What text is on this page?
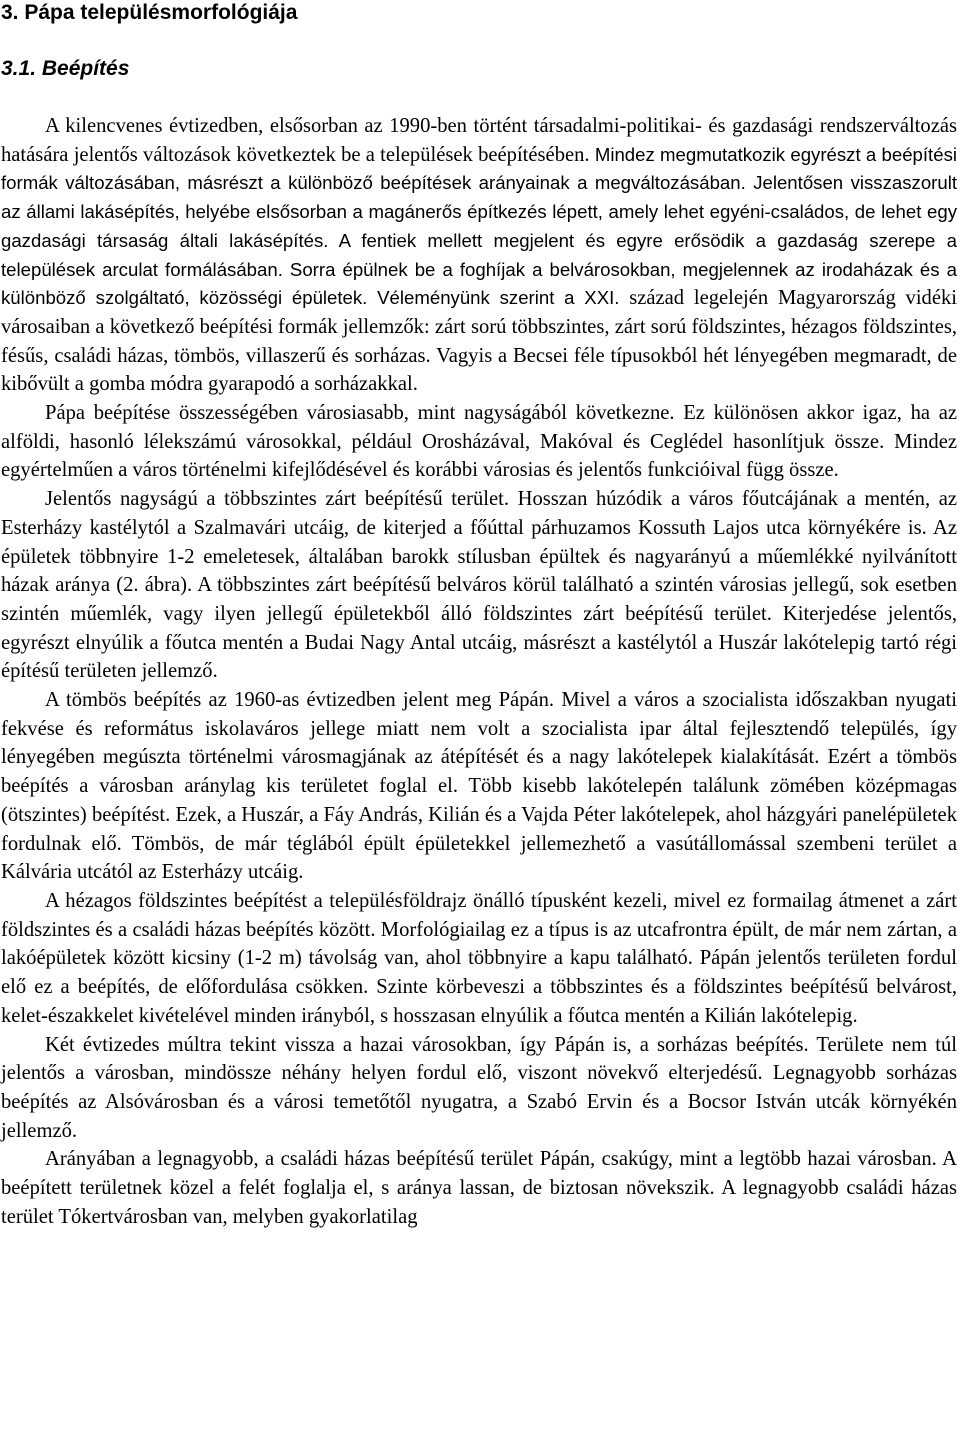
3. Pápa településmorfológiája
3.1. Beépítés

A kilencvenes évtizedben, elsősorban az 1990-ben történt társadalmi-politikai- és gazdasági rendszerváltozás hatására jelentős változások következtek be a települések beépítésében. Mindez megmutatkozik egyrészt a beépítési formák változásában, másrészt a különböző beépítések arányainak a megváltozásában. Jelentősen visszaszorult az állami lakásépítés, helyébe elsősorban a magánerős építkezés lépett, amely lehet egyéni-családos, de lehet egy gazdasági társaság általi lakásépítés. A fentiek mellett megjelent és egyre erősödik a gazdaság szerepe a települések arculat formálásában. Sorra épülnek be a foghíjak a belvárosokban, megjelennek az irodaházak és a különböző szolgáltató, közösségi épületek. Véleményünk szerint a XXI. század legelején Magyarország vidéki városaiban a következő beépítési formák jellemzők: zárt sorú többszintes, zárt sorú földszintes, hézagos földszintes, fésűs, családi házas, tömbös, villaszerű és sorházas. Vagyis a Becsei féle típusokból hét lényegében megmaradt, de kibővült a gomba módra gyarapodó a sorházakkal.

Pápa beépítése összességében városiasabb, mint nagyságából következne. Ez különösen akkor igaz, ha az alföldi, hasonló lélekszámú városokkal, például Orosházával, Makóval és Ceglédel hasonlítjuk össze. Mindez egyértelműen a város történelmi kifejlődésével és korábbi városias és jelentős funkcióival függ össze.

Jelentős nagyságú a többszintes zárt beépítésű terület. Hosszan húzódik a város főutcájának a mentén, az Esterházy kastélytól a Szalmavári utcáig, de kiterjed a főúttal párhuzamos Kossuth Lajos utca környékére is. Az épületek többnyire 1-2 emeletesek, általában barokk stílusban épültek és nagyarányú a műemlékké nyilvánított házak aránya (2. ábra). A többszintes zárt beépítésű belváros körül található a szintén városias jellegű, sok esetben szintén műemlék, vagy ilyen jellegű épületekből álló földszintes zárt beépítésű terület. Kiterjedése jelentős, egyrészt elnyúlik a főutca mentén a Budai Nagy Antal utcáig, másrészt a kastélytól a Huszár lakótelepig tartó régi építésű területen jellemző.

A tömbös beépítés az 1960-as évtizedben jelent meg Pápán. Mivel a város a szocialista időszakban nyugati fekvése és református iskolaváros jellege miatt nem volt a szocialista ipar által fejlesztendő település, így lényegében megúszta történelmi városmagjának az átépítését és a nagy lakótelepek kialakítását. Ezért a tömbös beépítés a városban aránylag kis területet foglal el. Több kisebb lakótelepén találunk zömében középmagas (ötszintes) beépítést. Ezek, a Huszár, a Fáy András, Kilián és a Vajda Péter lakótelepek, ahol házgyári panelépületek fordulnak elő. Tömbös, de már téglából épült épületekkel jellemezhető a vasútállomással szembeni terület a Kálvária utcától az Esterházy utcáig.

A hézagos földszintes beépítést a településföldrajz önálló típusként kezeli, mivel ez formailag átmenet a zárt földszintes és a családi házas beépítés között. Morfológiailag ez a típus is az utcafrontra épült, de már nem zártan, a lakóépületek között kicsiny (1-2 m) távolság van, ahol többnyire a kapu található. Pápán jelentős területen fordul elő ez a beépítés, de előfordulása csökken. Szinte körbeveszi a többszintes és a földszintes beépítésű belvárost, kelet-északkelet kivételével minden irányból, s hosszasan elnyúlik a főutca mentén a Kilián lakótelepig.

Két évtizedes múltra tekint vissza a hazai városokban, így Pápán is, a sorházas beépítés. Területe nem túl jelentős a városban, mindössze néhány helyen fordul elő, viszont növekvő elterjedésű. Legnagyobb sorházas beépítés az Alsóvárosban és a városi temetőtől nyugatra, a Szabó Ervin és a Bocsor István utcák környékén jellemző.

Arányában a legnagyobb, a családi házas beépítésű terület Pápán, csakúgy, mint a legtöbb hazai városban. A beépített területnek közel a felét foglalja el, s aránya lassan, de biztosan növekszik. A legnagyobb családi házas terület Tókertvárosban van, melyben gyakorlatilag
